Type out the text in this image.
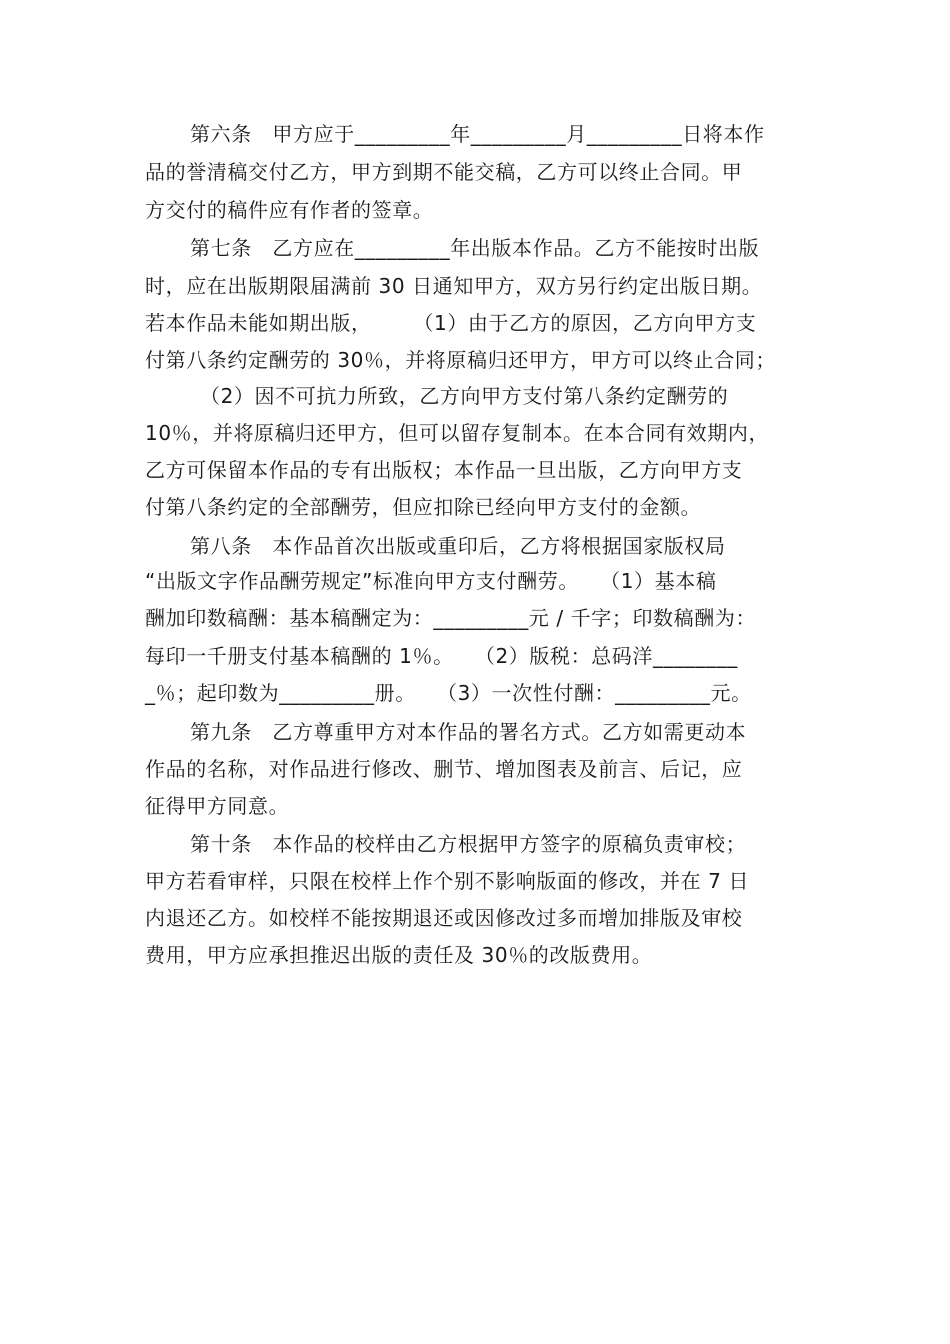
第六条　甲方应于_________年_________月_________日将本作
品的誉清稿交付乙方，甲方到期不能交稿，乙方可以终止合同。甲
方交付的稿件应有作者的签章。
第七条　乙方应在_________年出版本作品。乙方不能按时出版
时，应在出版期限届满前 30 日通知甲方，双方另行约定出版日期。
若本作品未能如期出版，　　　（1）由于乙方的原因，乙方向甲方支
付第八条约定酬劳的 30％，并将原稿归还甲方，甲方可以终止合同；
（2）因不可抗力所致，乙方向甲方支付第八条约定酬劳的
10％，并将原稿归还甲方，但可以留存复制本。在本合同有效期内，
乙方可保留本作品的专有出版权；本作品一旦出版，乙方向甲方支
付第八条约定的全部酬劳，但应扣除已经向甲方支付的金额。
第八条　本作品首次出版或重印后，乙方将根据国家版权局
“出版文字作品酬劳规定”标准向甲方支付酬劳。　　（1）基本稿
酬加印数稿酬：基本稿酬定为：_________元 / 千字；印数稿酬为：
每印一千册支付基本稿酬的 1％。　　（2）版税：总码洋________
_％；起印数为_________册。　　（3）一次性付酬：_________元。
第九条　乙方尊重甲方对本作品的署名方式。乙方如需更动本
作品的名称，对作品进行修改、删节、增加图表及前言、后记，应
征得甲方同意。
第十条　本作品的校样由乙方根据甲方签字的原稿负责审校；
甲方若看审样，只限在校样上作个别不影响版面的修改，并在 7 日
内退还乙方。如校样不能按期退还或因修改过多而增加排版及审校
费用，甲方应承担推迟出版的责任及 30％的改版费用。
